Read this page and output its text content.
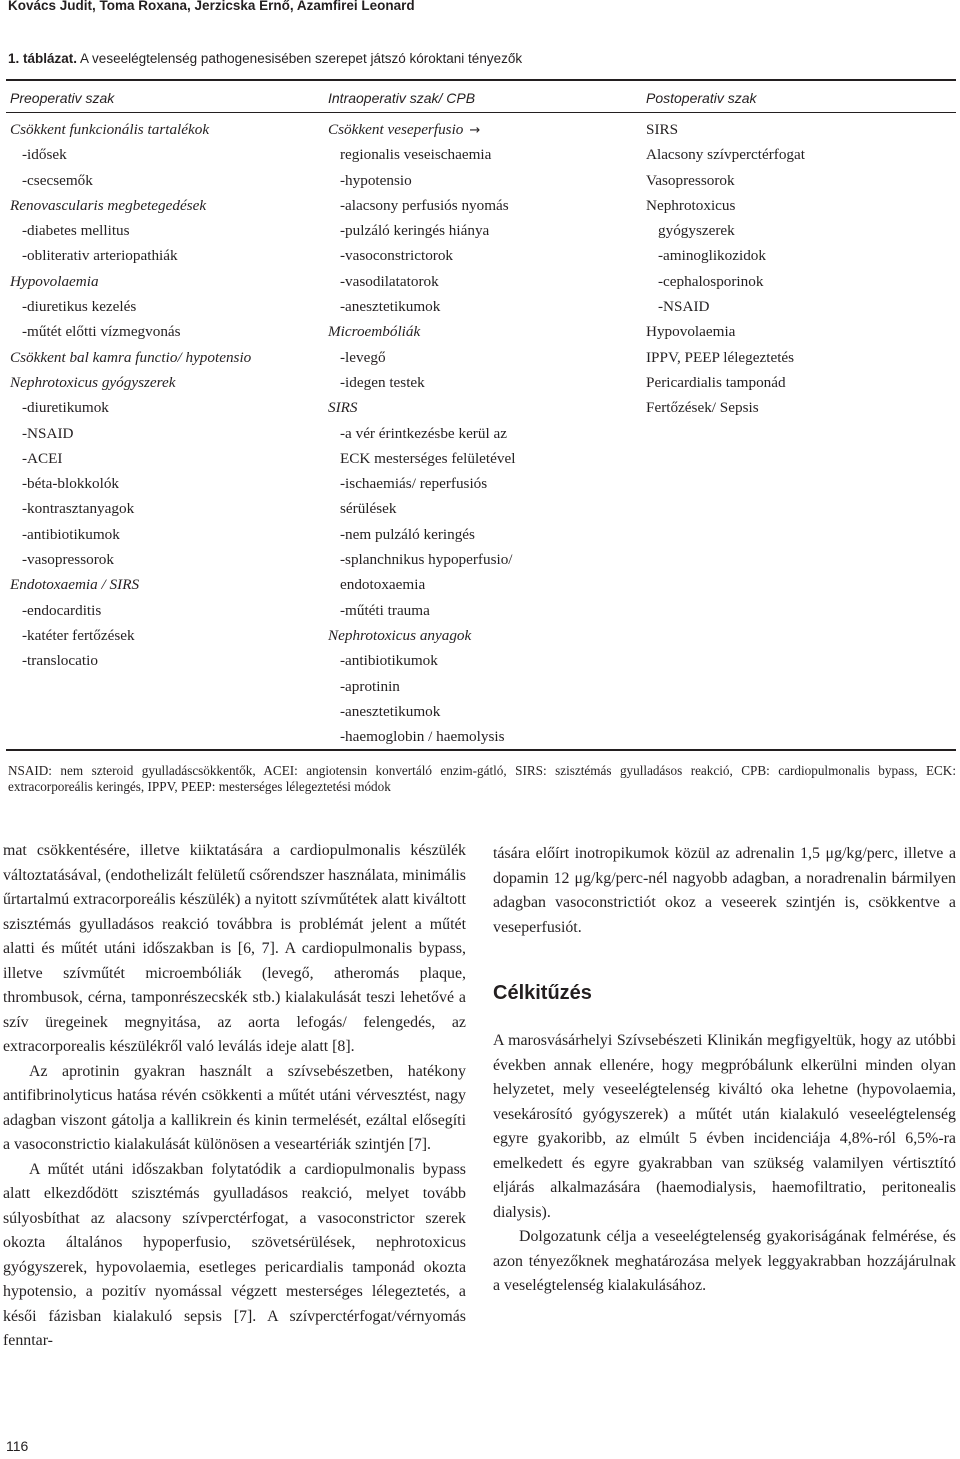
Kovács Judit, Toma Roxana, Jerzicska Ernő, Azamfirei Leonard
1. táblázat. A veseelégtelenség pathogenesisében szerepet játszó kóroktani tényezők
Preoperativ szak	Intraoperativ szak/ CPB	Postoperativ szak
Csökkent funkcionális tartalékok
-idősek
-csecsemők
Renovascularis megbetegedések
-diabetes mellitus
-obliterativ arteriopathiák
Hypovolaemia
-diuretikus kezelés
-műtét előtti vízmegvonás
Csökkent bal kamra functio/ hypotensio
Nephrotoxicus gyógyszerek
-diuretikumok
-NSAID
-ACEI
-béta-blokkolók
-kontrasztanyagok
-antibiotikumok
-vasopressorok
Endotoxaemia / SIRS
-endocarditis
-katéter fertőzések
-translocatio
Csökkent veseperfusio →
regionalis veseischaemia
-hypotensio
-alacsony perfusiós nyomás
-pulzáló keringés hiánya
-vasoconstrictorok
-vasodilatatorok
-anesztetikumok
Microembóliák
-levegő
-idegen testek
SIRS
-a vér érintkezésbe kerül az
ECK mesterséges felületével
-ischaemiás/ reperfusiós
sérülések
-nem pulzáló keringés
-splanchnikus hypoperfusio/
endotoxaemia
-műtéti trauma
Nephrotoxicus anyagok
-antibiotikumok
-aprotinin
-anesztetikumok
-haemoglobin / haemolysis
SIRS
Alacsony szívperctérfogat
Vasopressorok
Nephrotoxicus
gyógyszerek
-aminoglikozidok
-cephalosporinok
-NSAID
Hypovolaemia
IPPV, PEEP lélegeztetés
Pericardialis tamponád
Fertőzések/ Sepsis
NSAID: nem szteroid gyulladáscsökkentők, ACEI: angiotensin konvertáló enzim-gátló, SIRS: szisztémás gyulladásos reakció, CPB: cardiopulmonalis bypass, ECK: extracorporeális keringés, IPPV, PEEP: mesterséges lélegeztetési módok

mat csökkentésére, illetve kiiktatására a cardiopulmonalis készülék változtatásával, (endothelizált felületű csőrendszer használata, minimális űrtartalmú extracorporeális készülék) a nyitott szívműtétek alatt kiváltott szisztémás gyulladásos reakció továbbra is problémát jelent a műtét alatti és műtét utáni időszakban is [6, 7]. A cardiopulmonalis bypass, illetve szívműtét microembóliák (levegő, atheromás plaque, thrombusok, cérna, tamponrészecskék stb.) kialakulását teszi lehetővé a szív üregeinek megnyitása, az aorta lefogás/ felengedés, az extracorporealis készülékről való leválás ideje alatt [8].

Az aprotinin gyakran használt a szívsebészetben, hatékony antifibrinolyticus hatása révén csökkenti a műtét utáni vérvesztést, nagy adagban viszont gátolja a kallikrein és kinin termelését, ezáltal elősegíti a vasoconstrictio kialakulását különösen a veseartériák szintjén [7].

A műtét utáni időszakban folytatódik a cardiopulmonalis bypass alatt elkezdődött szisztémás gyulladásos reakció, melyet tovább súlyosbíthat az alacsony szívperctérfogat, a vasoconstrictor szerek okozta általános hypoperfusio, szövetsérülések, nephrotoxicus gyógyszerek, hypovolaemia, esetleges pericardialis tamponád okozta hypotensio, a pozitív nyomással végzett mesterséges lélegeztetés, a késői fázisban kialakuló sepsis [7]. A szívperctérfogat/vérnyomás fenntar-

tására előírt inotropikumok közül az adrenalin 1,5 μg/kg/perc, illetve a dopamin 12 μg/kg/perc-nél nagyobb adagban, a noradrenalin bármilyen adagban vasoconstrictiót okoz a veseerek szintjén is, csökkentve a veseperfusiót.

Célkitűzés

A marosvásárhelyi Szívsebészeti Klinikán megfigyeltük, hogy az utóbbi években annak ellenére, hogy megpróbálunk elkerülni minden olyan helyzetet, mely veseelégtelenség kiváltó oka lehetne (hypovolaemia, vesekárosító gyógyszerek) a műtét után kialakuló veseelégtelenség egyre gyakoribb, az elmúlt 5 évben incidenciája 4,8%-ról 6,5%-ra emelkedett és egyre gyakrabban van szükség valamilyen vértisztító eljárás alkalmazására (haemodialysis, haemofiltratio, peritonealis dialysis).

Dolgozatunk célja a veseelégtelenség gyakoriságának felmérése, és azon tényezőknek meghatározása melyek leggyakrabban hozzájárulnak a veselégtelenség kialakulásához.

116
